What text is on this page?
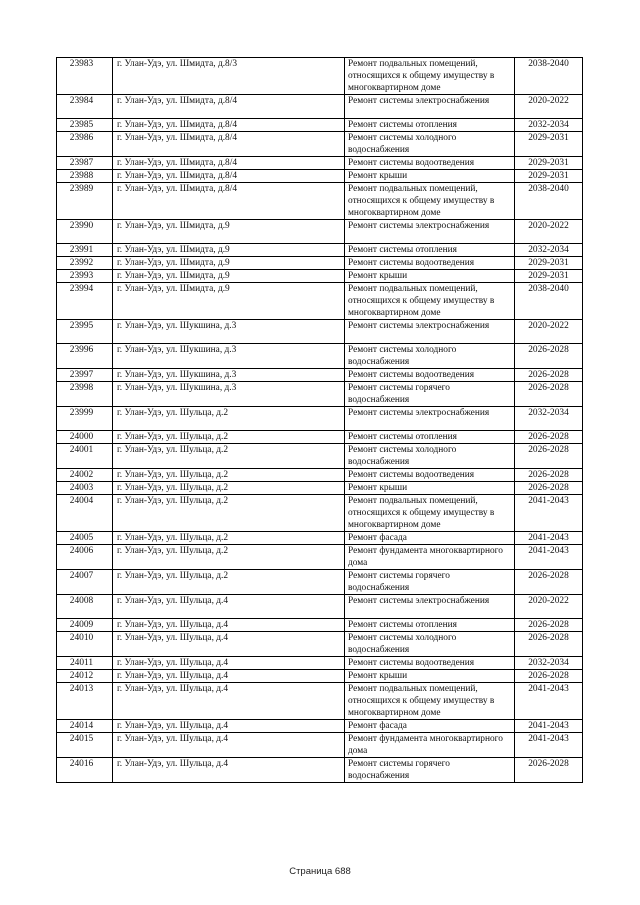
23983	г. Улан-Удэ, ул. Шмидта, д.8/3	Ремонт подвальных помещений, относящихся к общему имуществу в многоквартирном доме	2038-2040
23984	г. Улан-Удэ, ул. Шмидта, д.8/4	Ремонт системы электроснабжения	2020-2022
23985	г. Улан-Удэ, ул. Шмидта, д.8/4	Ремонт системы отопления	2032-2034
23986	г. Улан-Удэ, ул. Шмидта, д.8/4	Ремонт системы холодного водоснабжения	2029-2031
23987	г. Улан-Удэ, ул. Шмидта, д.8/4	Ремонт системы водоотведения	2029-2031
23988	г. Улан-Удэ, ул. Шмидта, д.8/4	Ремонт крыши	2029-2031
23989	г. Улан-Удэ, ул. Шмидта, д.8/4	Ремонт подвальных помещений, относящихся к общему имуществу в многоквартирном доме	2038-2040
23990	г. Улан-Удэ, ул. Шмидта, д.9	Ремонт системы электроснабжения	2020-2022
23991	г. Улан-Удэ, ул. Шмидта, д.9	Ремонт системы отопления	2032-2034
23992	г. Улан-Удэ, ул. Шмидта, д.9	Ремонт системы водоотведения	2029-2031
23993	г. Улан-Удэ, ул. Шмидта, д.9	Ремонт крыши	2029-2031
23994	г. Улан-Удэ, ул. Шмидта, д.9	Ремонт подвальных помещений, относящихся к общему имуществу в многоквартирном доме	2038-2040
23995	г. Улан-Удэ, ул. Шукшина, д.3	Ремонт системы электроснабжения	2020-2022
23996	г. Улан-Удэ, ул. Шукшина, д.3	Ремонт системы холодного водоснабжения	2026-2028
23997	г. Улан-Удэ, ул. Шукшина, д.3	Ремонт системы водоотведения	2026-2028
23998	г. Улан-Удэ, ул. Шукшина, д.3	Ремонт системы горячего водоснабжения	2026-2028
23999	г. Улан-Удэ, ул. Шульца, д.2	Ремонт системы электроснабжения	2032-2034
24000	г. Улан-Удэ, ул. Шульца, д.2	Ремонт системы отопления	2026-2028
24001	г. Улан-Удэ, ул. Шульца, д.2	Ремонт системы холодного водоснабжения	2026-2028
24002	г. Улан-Удэ, ул. Шульца, д.2	Ремонт системы водоотведения	2026-2028
24003	г. Улан-Удэ, ул. Шульца, д.2	Ремонт крыши	2026-2028
24004	г. Улан-Удэ, ул. Шульца, д.2	Ремонт подвальных помещений, относящихся к общему имуществу в многоквартирном доме	2041-2043
24005	г. Улан-Удэ, ул. Шульца, д.2	Ремонт фасада	2041-2043
24006	г. Улан-Удэ, ул. Шульца, д.2	Ремонт фундамента многоквартирного дома	2041-2043
24007	г. Улан-Удэ, ул. Шульца, д.2	Ремонт системы горячего водоснабжения	2026-2028
24008	г. Улан-Удэ, ул. Шульца, д.4	Ремонт системы электроснабжения	2020-2022
24009	г. Улан-Удэ, ул. Шульца, д.4	Ремонт системы отопления	2026-2028
24010	г. Улан-Удэ, ул. Шульца, д.4	Ремонт системы холодного водоснабжения	2026-2028
24011	г. Улан-Удэ, ул. Шульца, д.4	Ремонт системы водоотведения	2032-2034
24012	г. Улан-Удэ, ул. Шульца, д.4	Ремонт крыши	2026-2028
24013	г. Улан-Удэ, ул. Шульца, д.4	Ремонт подвальных помещений, относящихся к общему имуществу в многоквартирном доме	2041-2043
24014	г. Улан-Удэ, ул. Шульца, д.4	Ремонт фасада	2041-2043
24015	г. Улан-Удэ, ул. Шульца, д.4	Ремонт фундамента многоквартирного дома	2041-2043
24016	г. Улан-Удэ, ул. Шульца, д.4	Ремонт системы горячего водоснабжения	2026-2028
Страница 688
